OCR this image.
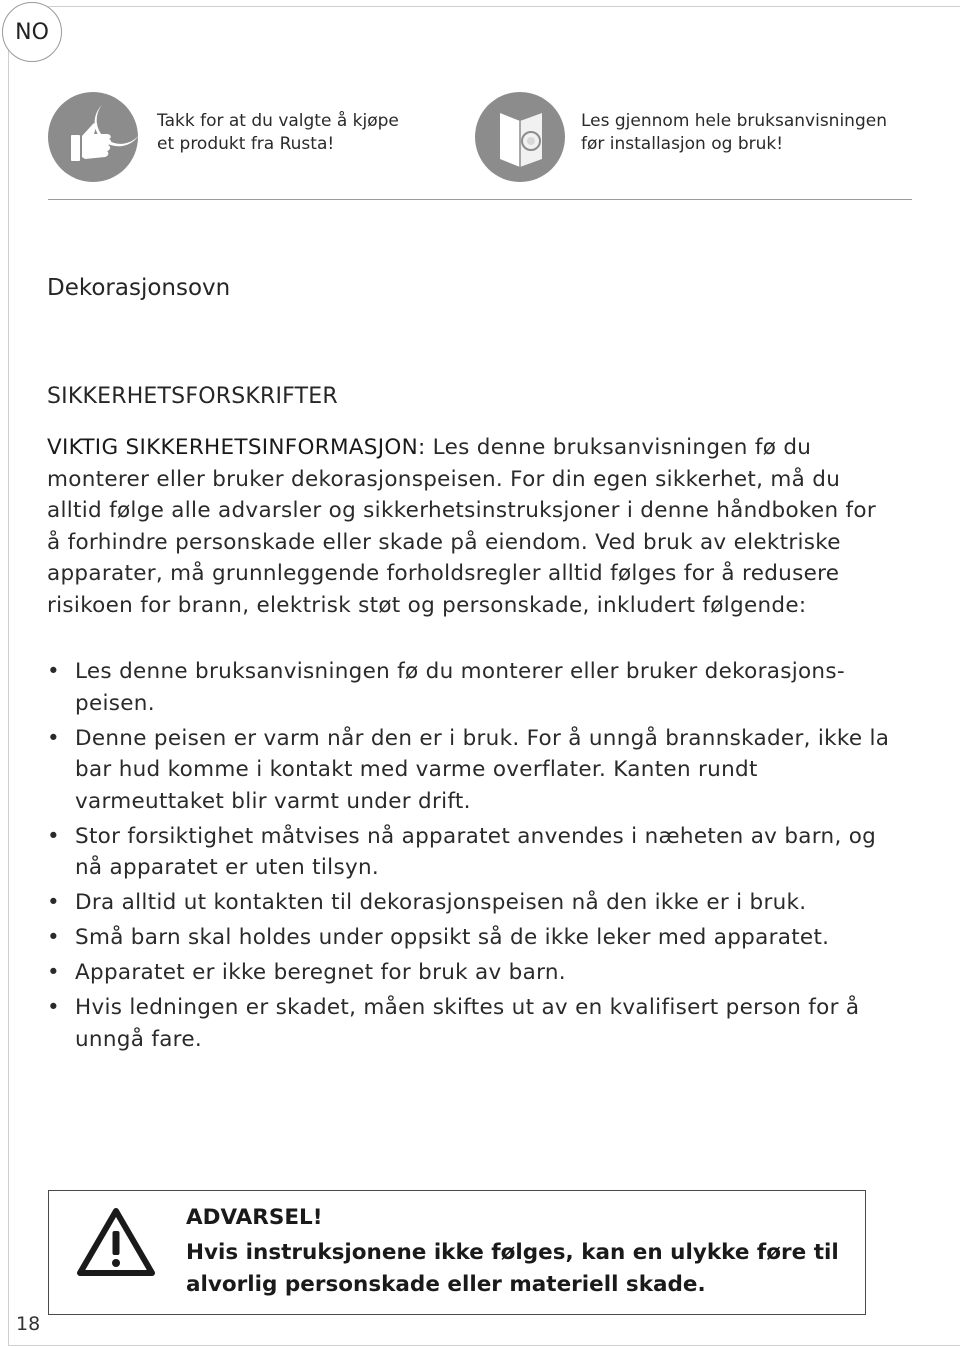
NO
Takk for at du valgte å kjøpe
et produkt fra Rusta!
Les gjennom hele bruksanvisningen
før installasjon og bruk!
Dekorasjonsovn
SIKKERHETSFORSKRIFTER
VIKTIG SIKKERHETSINFORMASJON: Les denne bruksanvisningen fø du monterer eller bruker dekorasjonspeisen. For din egen sikkerhet, må du alltid følge alle advarsler og sikkerhetsinstruksjoner i denne håndboken for å forhindre personskade eller skade på eiendom. Ved bruk av elektriske apparater, må grunnleggende forholdsregler alltid følges for å redusere risikoen for brann, elektrisk støt og personskade, inkludert følgende:
• Les denne bruksanvisningen fø du monterer eller bruker dekorasjons-peisen.
• Denne peisen er varm når den er i bruk. For å unngå brannskader, ikke la bar hud komme i kontakt med varme overflater. Kanten rundt varmeuttaket blir varmt under drift.
• Stor forsiktighet måtvises nå apparatet anvendes i næheten av barn, og nå apparatet er uten tilsyn.
• Dra alltid ut kontakten til dekorasjonspeisen nå den ikke er i bruk.
• Små barn skal holdes under oppsikt så de ikke leker med apparatet.
• Apparatet er ikke beregnet for bruk av barn.
• Hvis ledningen er skadet, måen skiftes ut av en kvalifisert person for å unngå fare.
ADVARSEL!
Hvis instruksjonene ikke følges, kan en ulykke føre til alvorlig personskade eller materiell skade.
18
